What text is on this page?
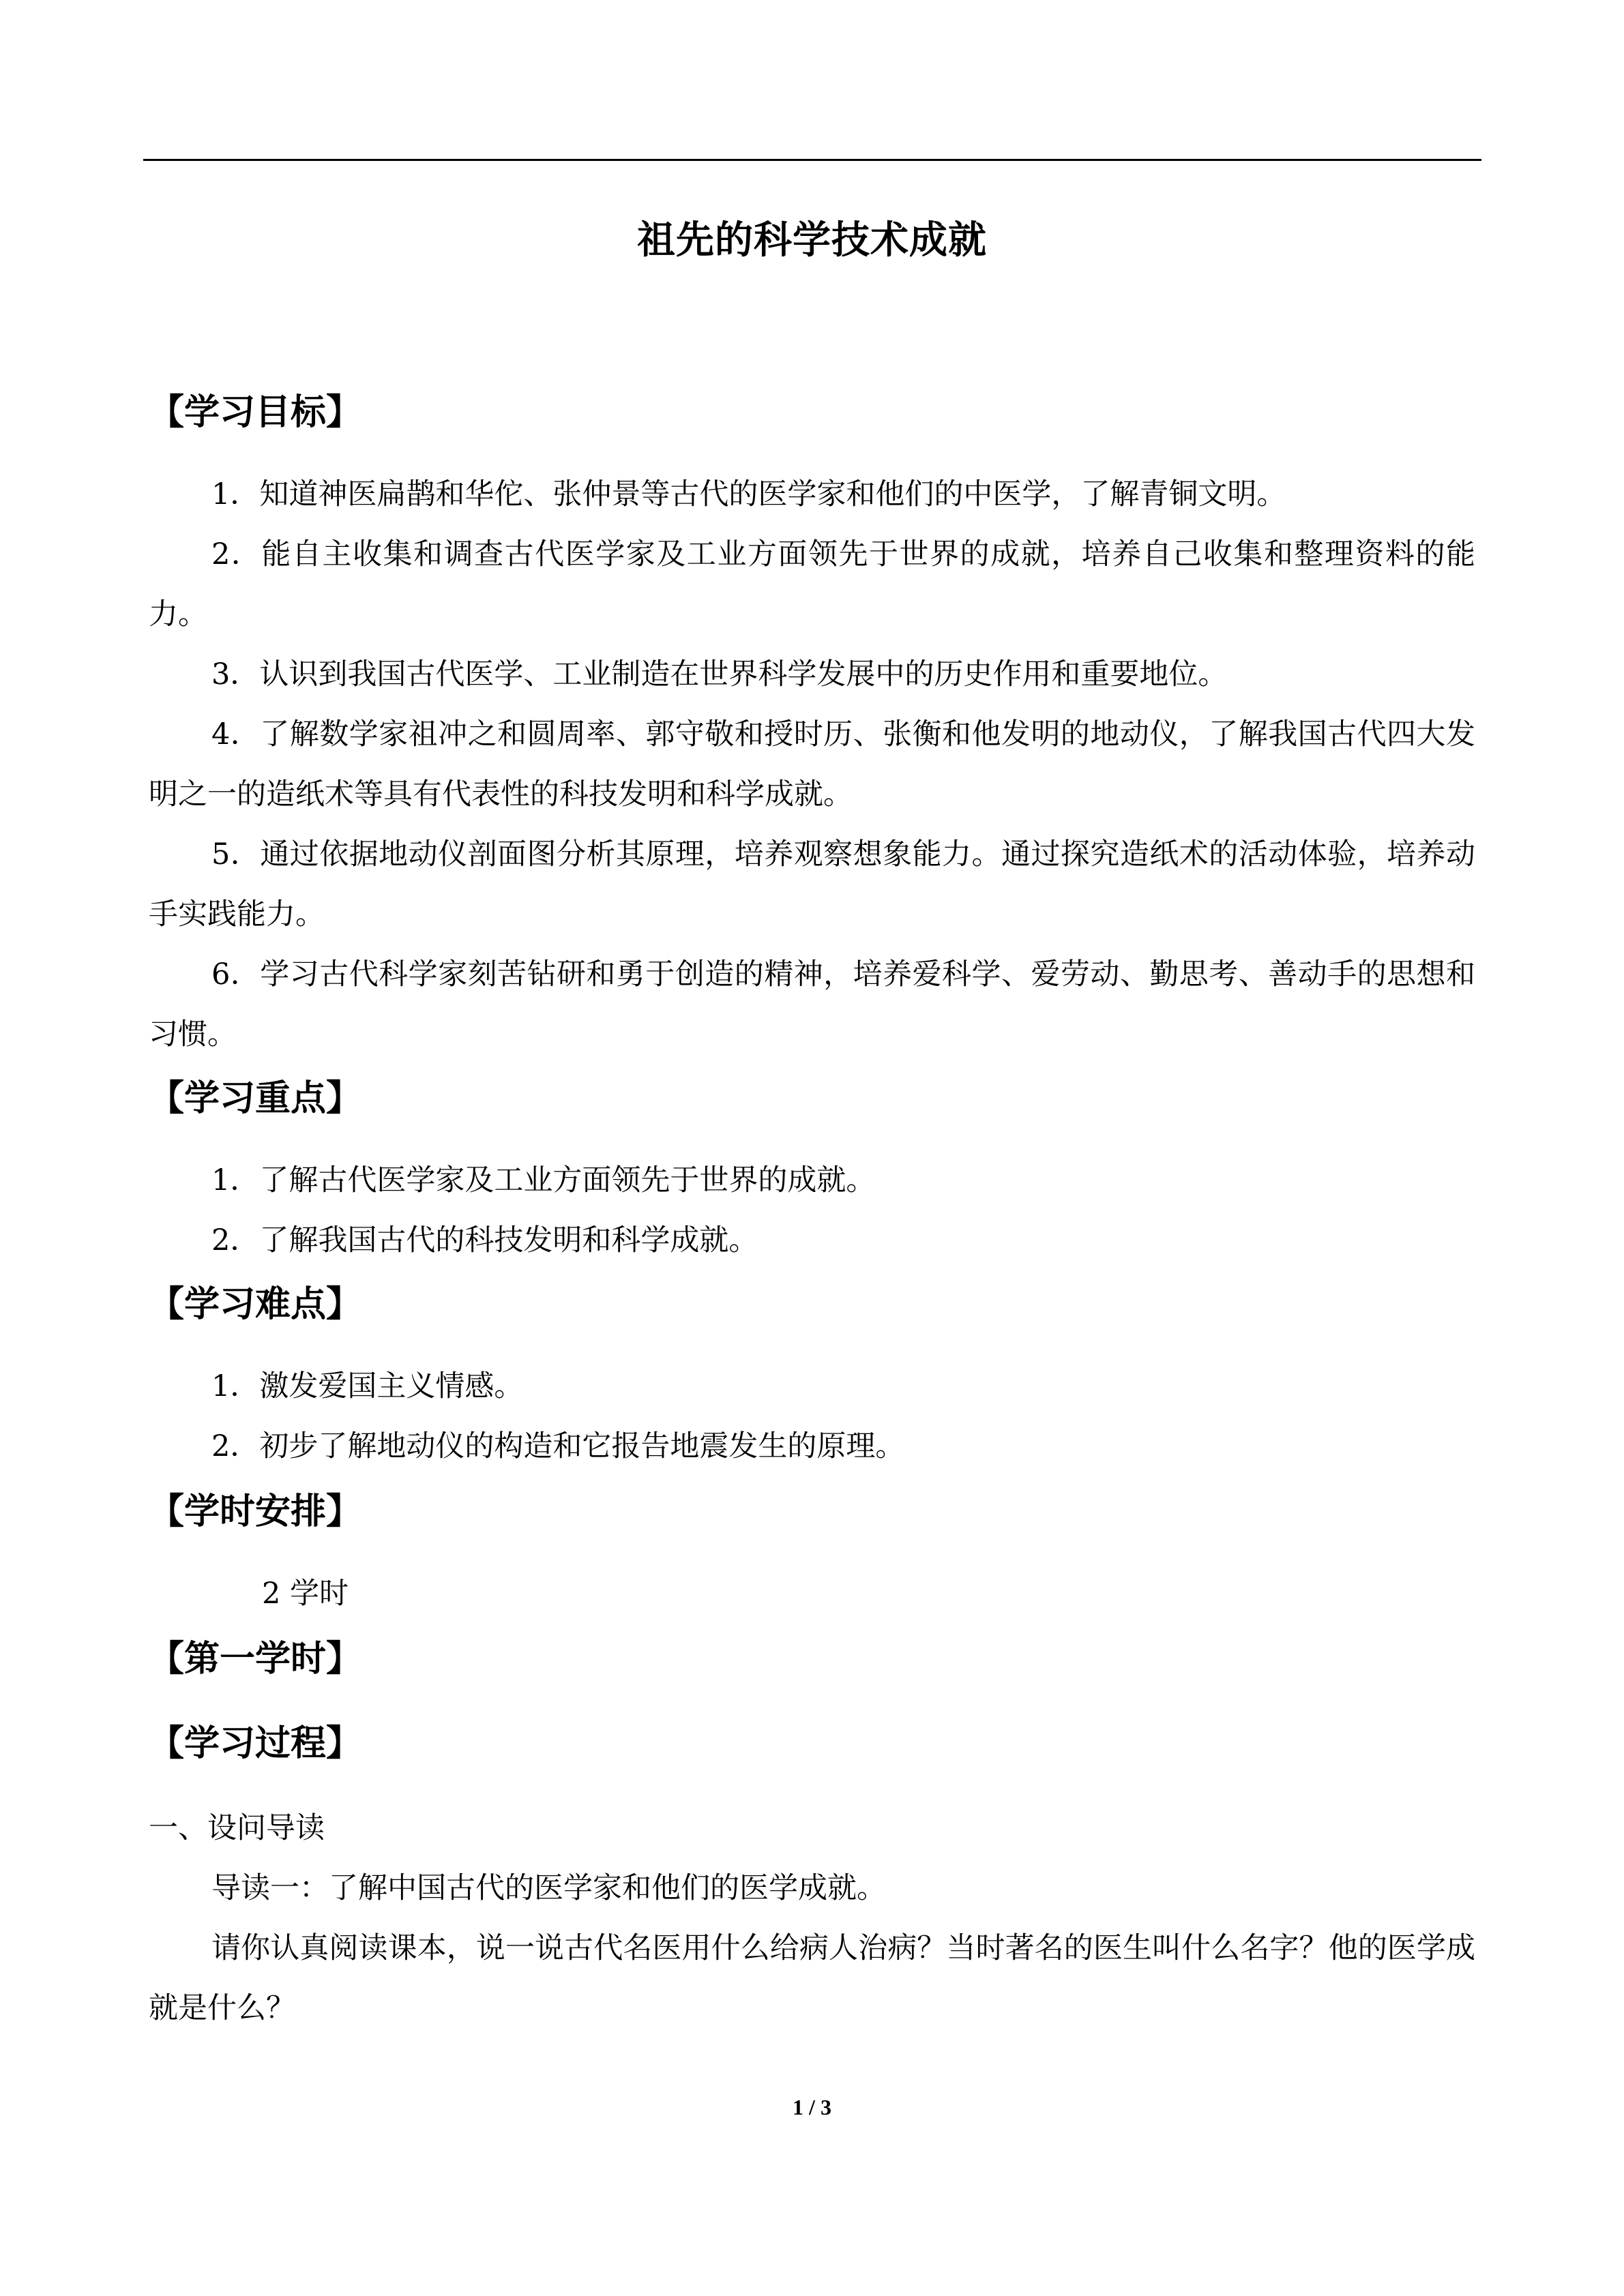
祖先的科学技术成就
【学习目标】
1．知道神医扁鹊和华佗、张仲景等古代的医学家和他们的中医学，了解青铜文明。
2．能自主收集和调查古代医学家及工业方面领先于世界的成就，培养自己收集和整理资料的能力。
3．认识到我国古代医学、工业制造在世界科学发展中的历史作用和重要地位。
4．了解数学家祖冲之和圆周率、郭守敬和授时历、张衡和他发明的地动仪，了解我国古代四大发明之一的造纸术等具有代表性的科技发明和科学成就。
5．通过依据地动仪剖面图分析其原理，培养观察想象能力。通过探究造纸术的活动体验，培养动手实践能力。
6．学习古代科学家刻苦钻研和勇于创造的精神，培养爱科学、爱劳动、勤思考、善动手的思想和习惯。
【学习重点】
1．了解古代医学家及工业方面领先于世界的成就。
2．了解我国古代的科技发明和科学成就。
【学习难点】
1．激发爱国主义情感。
2．初步了解地动仪的构造和它报告地震发生的原理。
【学时安排】
2 学时
【第一学时】
【学习过程】
一、设问导读
导读一：了解中国古代的医学家和他们的医学成就。
请你认真阅读课本，说一说古代名医用什么给病人治病？当时著名的医生叫什么名字？他的医学成就是什么？
1 / 3
